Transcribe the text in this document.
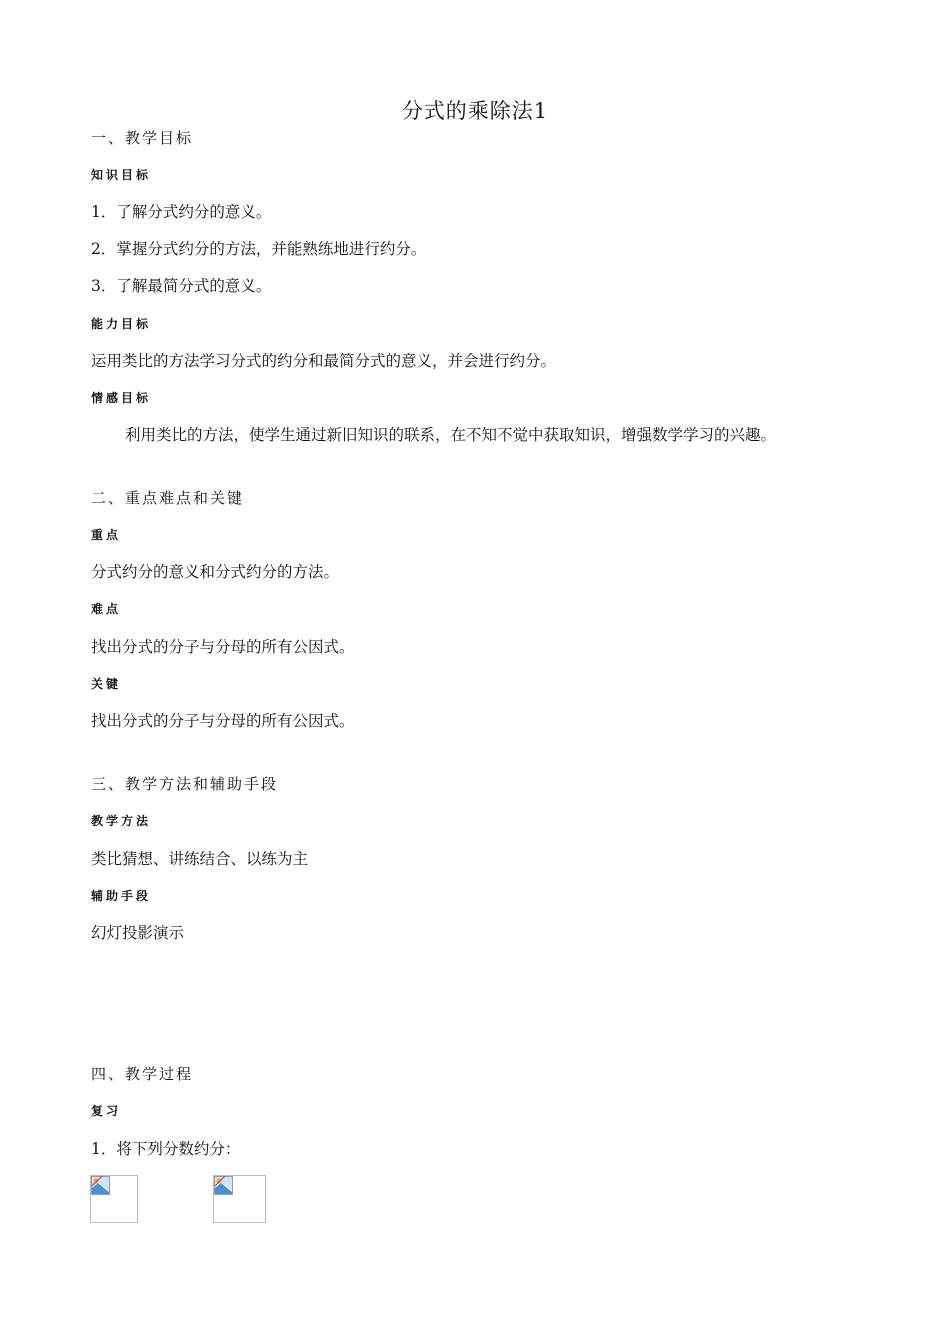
分式的乘除法1
一、教学目标
知识目标
1．了解分式约分的意义。
2．掌握分式约分的方法，并能熟练地进行约分。
3．了解最简分式的意义。
能力目标
运用类比的方法学习分式的约分和最简分式的意义，并会进行约分。
情感目标
利用类比的方法，使学生通过新旧知识的联系，在不知不觉中获取知识，增强数学学习的兴趣。
二、重点难点和关键
重点
分式约分的意义和分式约分的方法。
难点
找出分式的分子与分母的所有公因式。
关键
找出分式的分子与分母的所有公因式。
三、教学方法和辅助手段
教学方法
类比猜想、讲练结合、以练为主
辅助手段
幻灯投影演示
四、教学过程
复习
1．将下列分数约分：
